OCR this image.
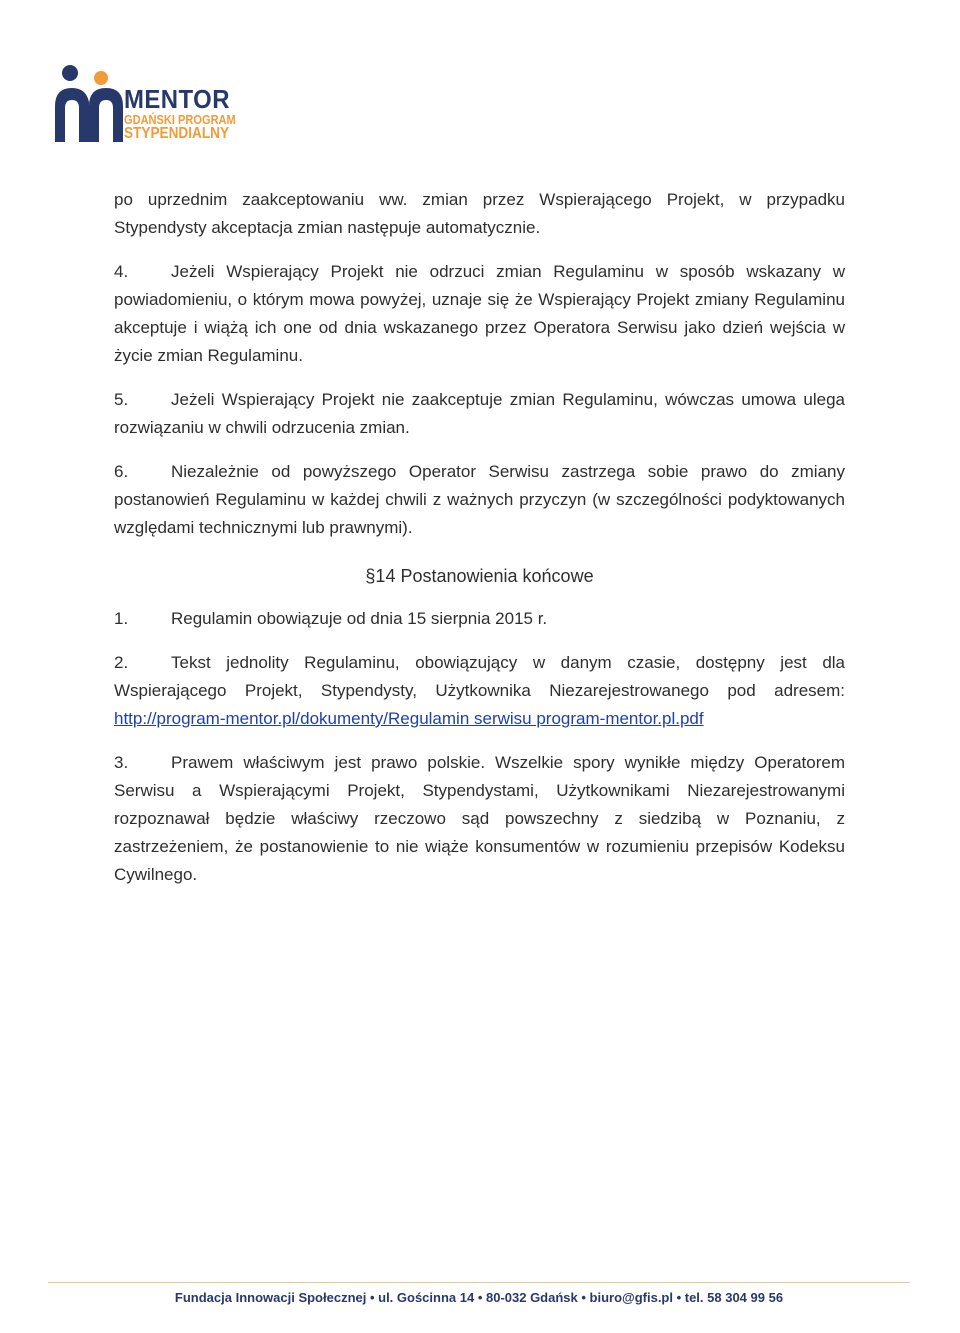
MENTOR
GDAŃSKI PROGRAM
STYPENDIALNY

po uprzednim zaakceptowaniu ww. zmian przez Wspierającego Projekt, w przypadku Stypendysty akceptacja zmian następuje automatycznie.

4.	Jeżeli Wspierający Projekt nie odrzuci zmian Regulaminu w sposób wskazany w powiadomieniu, o którym mowa powyżej, uznaje się że Wspierający Projekt zmiany Regulaminu akceptuje i wiążą ich one od dnia wskazanego przez Operatora Serwisu jako dzień wejścia w życie zmian Regulaminu.

5.	Jeżeli Wspierający Projekt nie zaakceptuje zmian Regulaminu, wówczas umowa ulega rozwiązaniu w chwili odrzucenia zmian.

6.	Niezależnie od powyższego Operator Serwisu zastrzega sobie prawo do zmiany postanowień Regulaminu w każdej chwili z ważnych przyczyn (w szczególności podyktowanych względami technicznymi lub prawnymi).

§14 Postanowienia końcowe

1.	Regulamin obowiązuje od dnia 15 sierpnia 2015 r.

2.	Tekst jednolity Regulaminu, obowiązujący w danym czasie, dostępny jest dla Wspierającego Projekt, Stypendysty, Użytkownika Niezarejestrowanego pod adresem: http://program-mentor.pl/dokumenty/Regulamin serwisu program-mentor.pl.pdf

3.	Prawem właściwym jest prawo polskie. Wszelkie spory wynikłe między Operatorem Serwisu a Wspierającymi Projekt, Stypendystami, Użytkownikami Niezarejestrowanymi rozpoznawał będzie właściwy rzeczowo sąd powszechny z siedzibą w Poznaniu, z zastrzeżeniem, że postanowienie to nie wiąże konsumentów w rozumieniu przepisów Kodeksu Cywilnego.

Fundacja Innowacji Społecznej • ul. Gościnna 14 • 80-032 Gdańsk • biuro@gfis.pl • tel. 58 304 99 56
